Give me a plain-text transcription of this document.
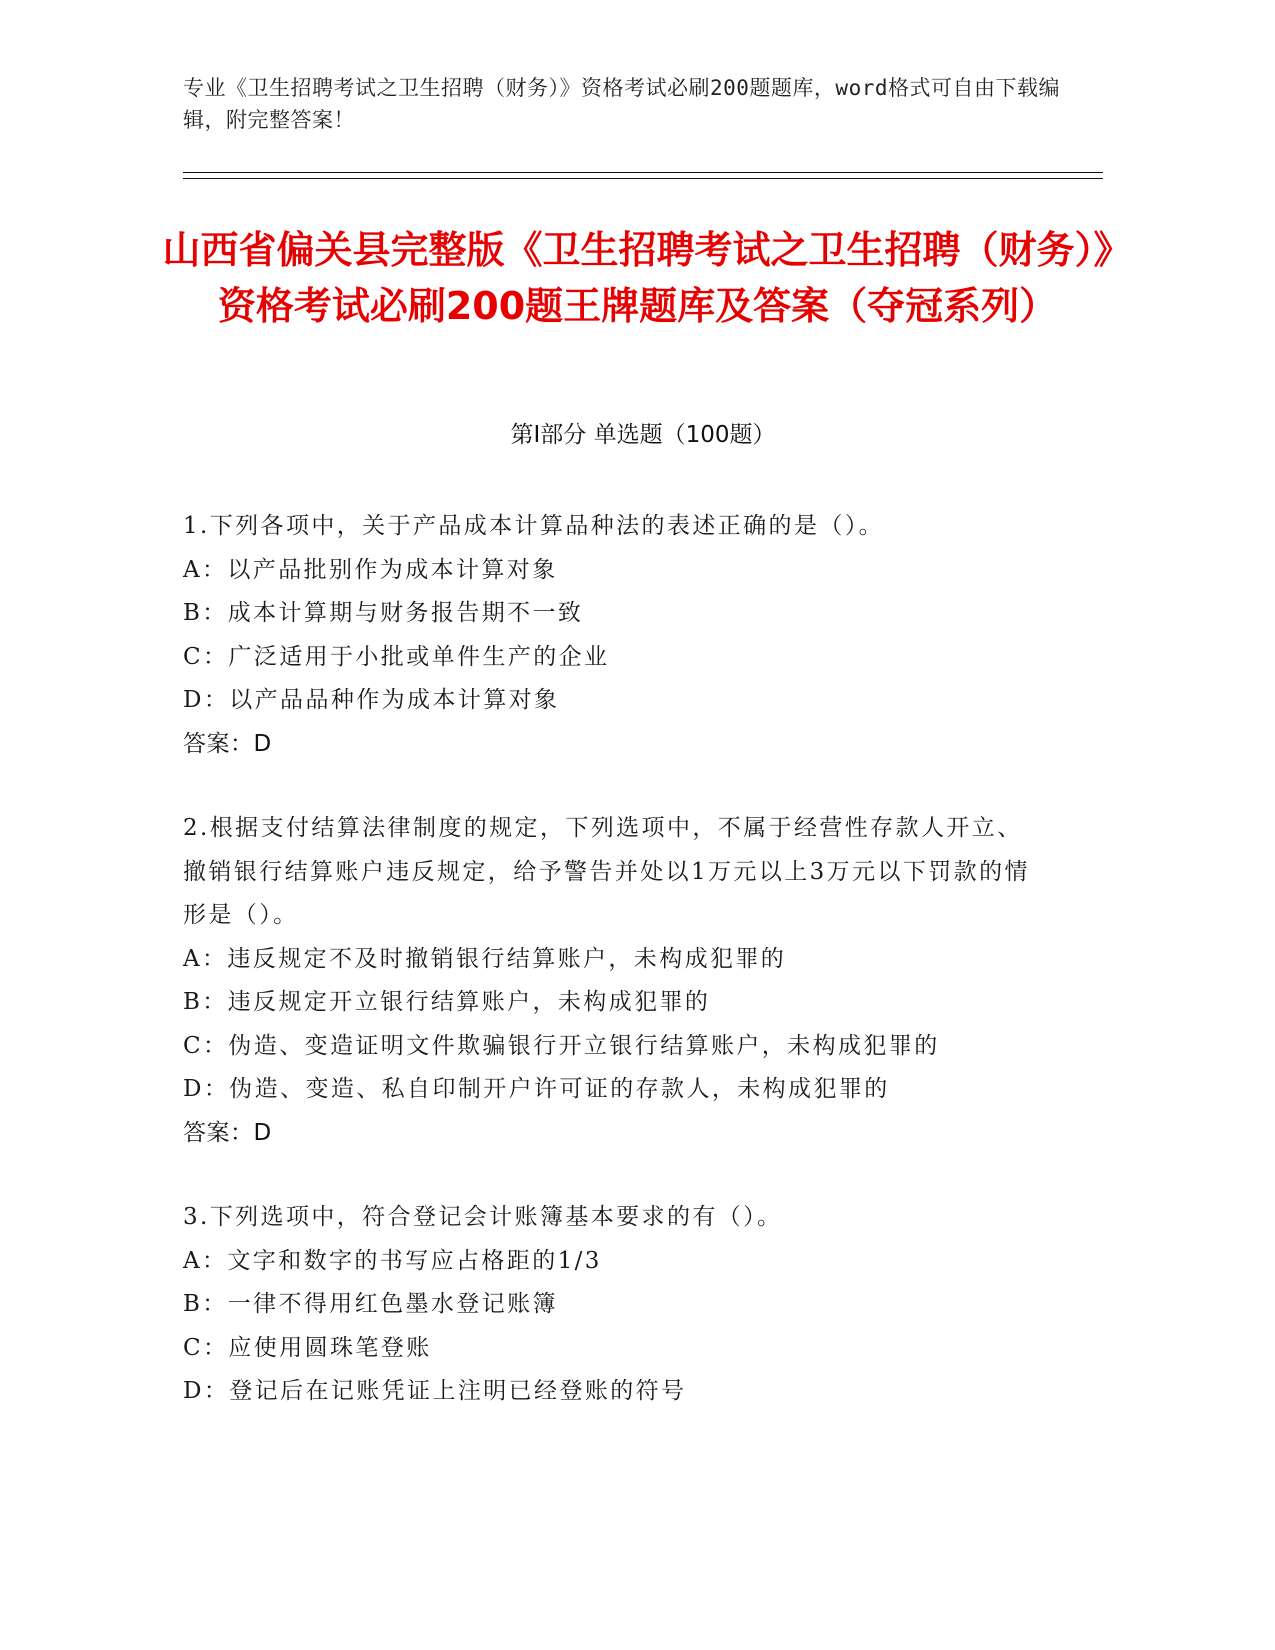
专业《卫生招聘考试之卫生招聘（财务）》资格考试必刷200题题库，word格式可自由下载编辑，附完整答案！
山西省偏关县完整版《卫生招聘考试之卫生招聘（财务）》资格考试必刷200题王牌题库及答案（夺冠系列）
第I部分 单选题（100题）
1.下列各项中，关于产品成本计算品种法的表述正确的是（）。
A：以产品批别作为成本计算对象
B：成本计算期与财务报告期不一致
C：广泛适用于小批或单件生产的企业
D：以产品品种作为成本计算对象
答案：D
2.根据支付结算法律制度的规定，下列选项中，不属于经营性存款人开立、撤销银行结算账户违反规定，给予警告并处以1万元以上3万元以下罚款的情形是（）。
A：违反规定不及时撤销银行结算账户，未构成犯罪的
B：违反规定开立银行结算账户，未构成犯罪的
C：伪造、变造证明文件欺骗银行开立银行结算账户，未构成犯罪的
D：伪造、变造、私自印制开户许可证的存款人，未构成犯罪的
答案：D
3.下列选项中，符合登记会计账簿基本要求的有（）。
A：文字和数字的书写应占格距的1/3
B：一律不得用红色墨水登记账簿
C：应使用圆珠笔登账
D：登记后在记账凭证上注明已经登账的符号
